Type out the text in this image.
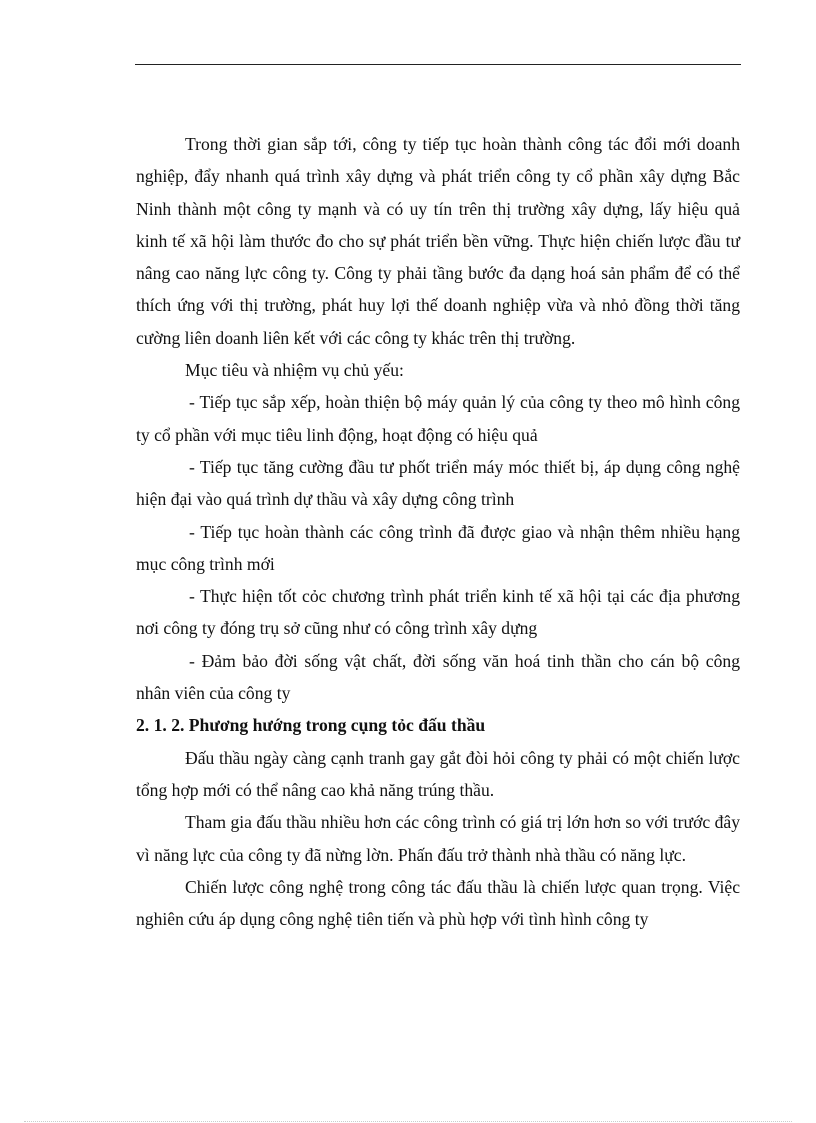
Trong thời gian sắp tới, công ty tiếp tục hoàn thành công tác đổi mới doanh nghiệp, đẩy nhanh quá trình xây dựng và phát triển công ty cổ phần xây dựng Bắc Ninh thành một công ty mạnh và có uy tín trên thị trường xây dựng, lấy hiệu quả kinh tế xã hội làm thước đo cho sự phát triển bền vững. Thực hiện chiến lược đầu tư nâng cao năng lực công ty. Công ty phải tầng bước đa dạng hoá sản phẩm để có thể thích ứng với thị trường, phát huy lợi thế doanh nghiệp vừa và nhỏ đồng thời tăng cường liên doanh liên kết với các công ty khác trên thị trường.

Mục tiêu và nhiệm vụ chủ yếu:

- Tiếp tục sắp xếp, hoàn thiện bộ máy quản lý của công ty theo mô hình công ty cổ phần với mục tiêu linh động, hoạt động có hiệu quả

- Tiếp tục tăng cường đầu tư phốt triển máy móc thiết bị, áp dụng công nghệ hiện đại vào quá trình dự thầu và xây dựng công trình

- Tiếp tục hoàn thành các công trình đã được giao và nhận thêm nhiều hạng mục công trình mới

- Thực hiện tốt cỏc chương trình phát triển kinh tế xã hội tại các địa phương nơi công ty đóng trụ sở cũng như có công trình xây dựng

- Đảm bảo đời sống vật chất, đời sống văn hoá tinh thần cho cán bộ công nhân viên của công ty

2. 1. 2. Phương hướng trong cụng tỏc đấu thầu

Đấu thầu ngày càng cạnh tranh gay gắt đòi hỏi công ty phải có một chiến lược tổng hợp mới có thể nâng cao khả năng trúng thầu.

Tham gia đấu thầu nhiều hơn các công trình có giá trị lớn hơn so với trước đây vì năng lực của công ty đã nừng lờn. Phấn đấu trở thành nhà thầu có năng lực.

Chiến lược công nghệ trong công tác đấu thầu là chiến lược quan trọng. Việc nghiên cứu áp dụng công nghệ tiên tiến và phù hợp với tình hình công ty
